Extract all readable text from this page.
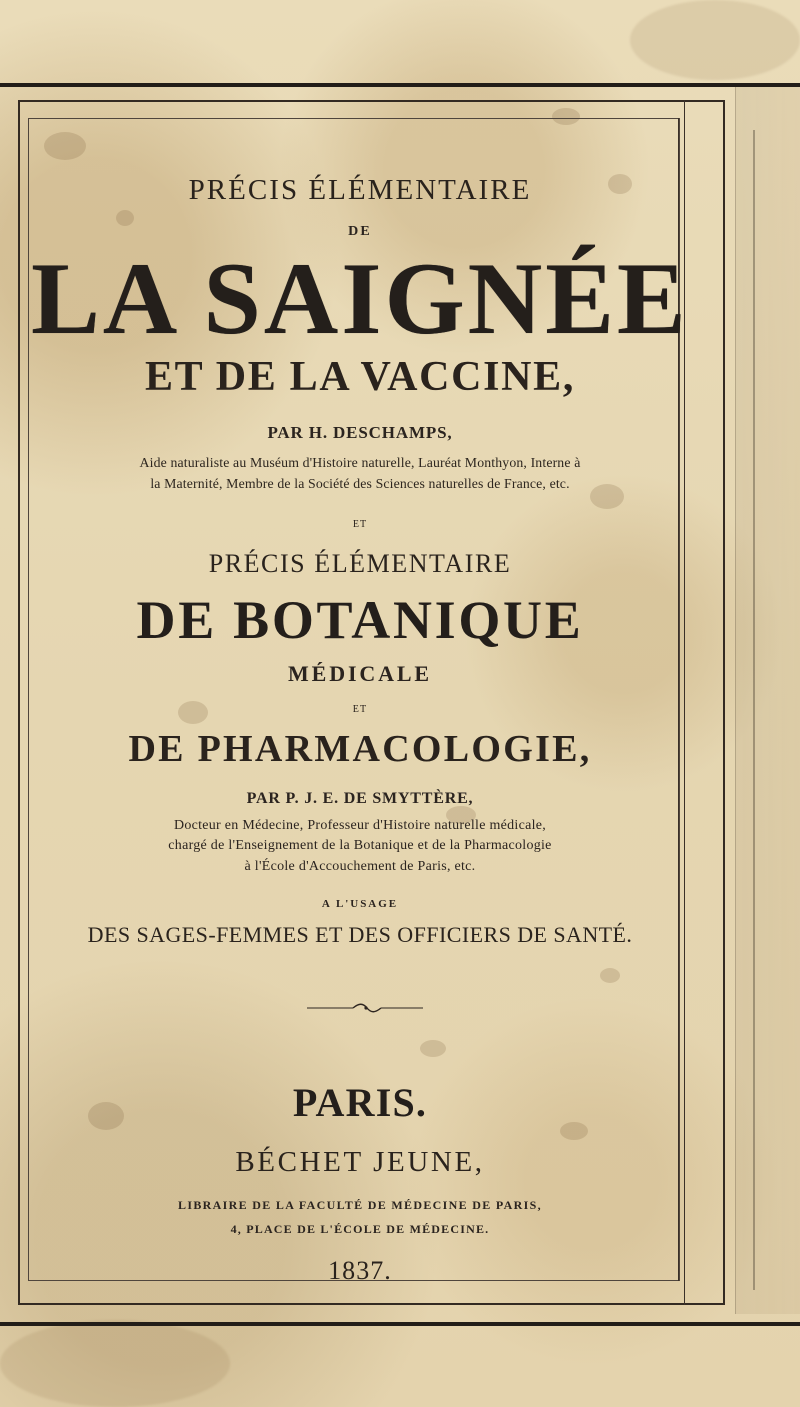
PRÉCIS ÉLÉMENTAIRE
DE
LA SAIGNÉE
ET DE LA VACCINE,
PAR H. DESCHAMPS,
Aide naturaliste au Muséum d'Histoire naturelle, Lauréat Monthyon, Interne à
la Maternité, Membre de la Société des Sciences naturelles de France, etc.
ET
PRÉCIS ÉLÉMENTAIRE
DE BOTANIQUE
MÉDICALE
ET
DE PHARMACOLOGIE,
PAR P. J. E. DE SMYTTÈRE,
Docteur en Médecine, Professeur d'Histoire naturelle médicale,
chargé de l'Enseignement de la Botanique et de la Pharmacologie
à l'École d'Accouchement de Paris, etc.
A L'USAGE
DES SAGES-FEMMES ET DES OFFICIERS DE SANTÉ.
PARIS.
BÉCHET JEUNE,
LIBRAIRE DE LA FACULTÉ DE MÉDECINE DE PARIS,
4, PLACE DE L'ÉCOLE DE MÉDECINE.
1837.
